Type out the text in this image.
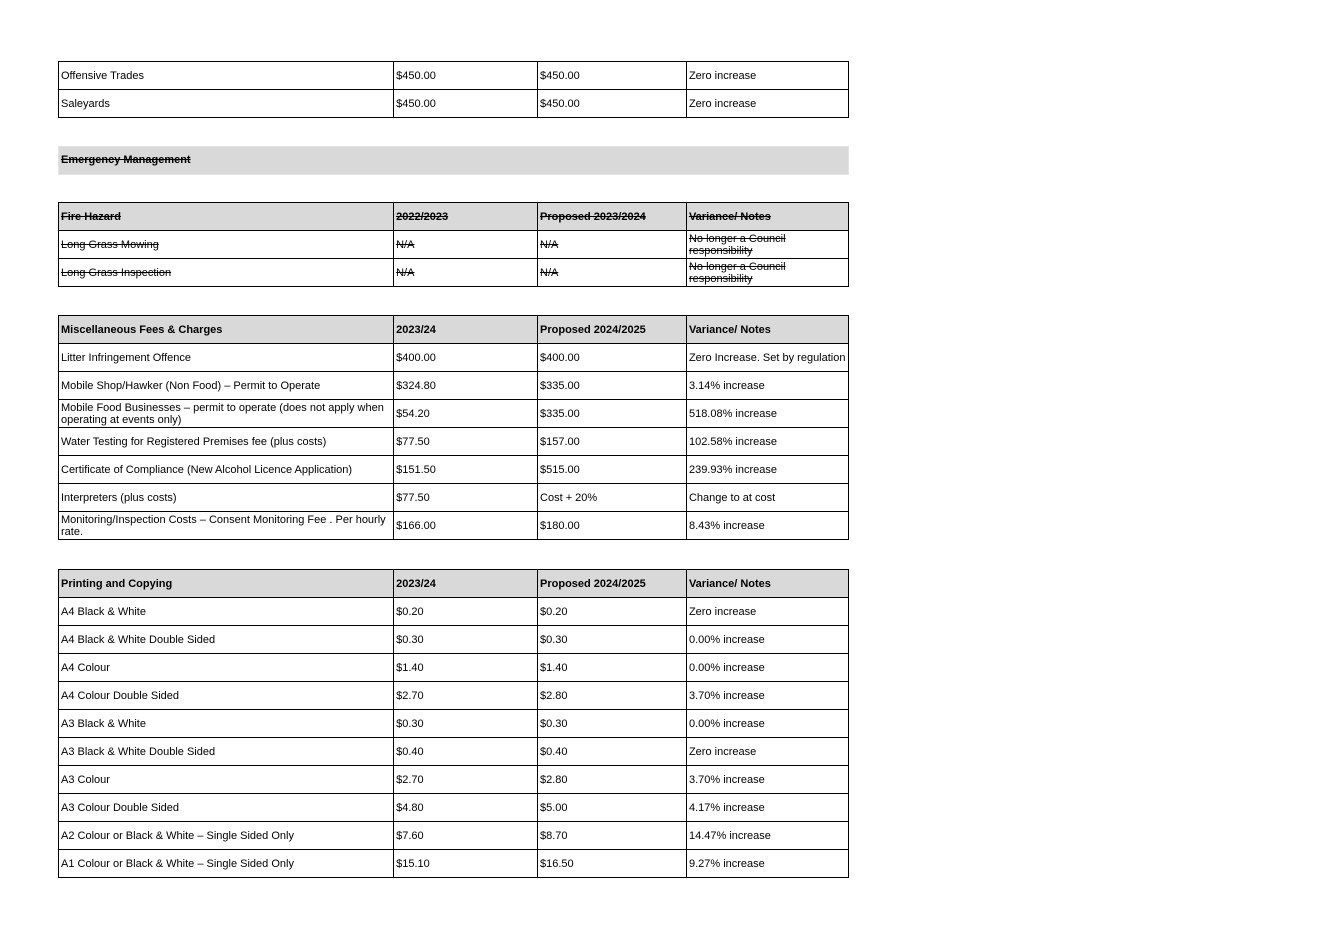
Offensive Trades	$450.00	$450.00	Zero increase
Saleyards	$450.00	$450.00	Zero increase
Emergency Management
Fire Hazard	2022/2023	Proposed 2023/2024	Variance/ Notes
Long Grass Mowing	N/A	N/A	No longer a Council responsibility
Long Grass Inspection	N/A	N/A	No longer a Council responsibility
Miscellaneous Fees & Charges	2023/24	Proposed 2024/2025	Variance/ Notes
Litter Infringement Offence	$400.00	$400.00	Zero Increase. Set by regulation
Mobile Shop/Hawker (Non Food) – Permit to Operate	$324.80	$335.00	3.14% increase
Mobile Food Businesses – permit to operate (does not apply when operating at events only)	$54.20	$335.00	518.08% increase
Water Testing for Registered Premises fee (plus costs)	$77.50	$157.00	102.58% increase
Certificate of Compliance (New Alcohol Licence Application)	$151.50	$515.00	239.93% increase
Interpreters (plus costs)	$77.50	Cost + 20%	Change to at cost
Monitoring/Inspection Costs – Consent Monitoring Fee . Per hourly rate.	$166.00	$180.00	8.43% increase
Printing and Copying	2023/24	Proposed 2024/2025	Variance/ Notes
A4 Black & White	$0.20	$0.20	Zero increase
A4 Black & White Double Sided	$0.30	$0.30	0.00% increase
A4 Colour	$1.40	$1.40	0.00% increase
A4 Colour Double Sided	$2.70	$2.80	3.70% increase
A3 Black & White	$0.30	$0.30	0.00% increase
A3 Black & White Double Sided	$0.40	$0.40	Zero increase
A3 Colour	$2.70	$2.80	3.70% increase
A3 Colour Double Sided	$4.80	$5.00	4.17% increase
A2 Colour or Black & White – Single Sided Only	$7.60	$8.70	14.47% increase
A1 Colour or Black & White – Single Sided Only	$15.10	$16.50	9.27% increase
